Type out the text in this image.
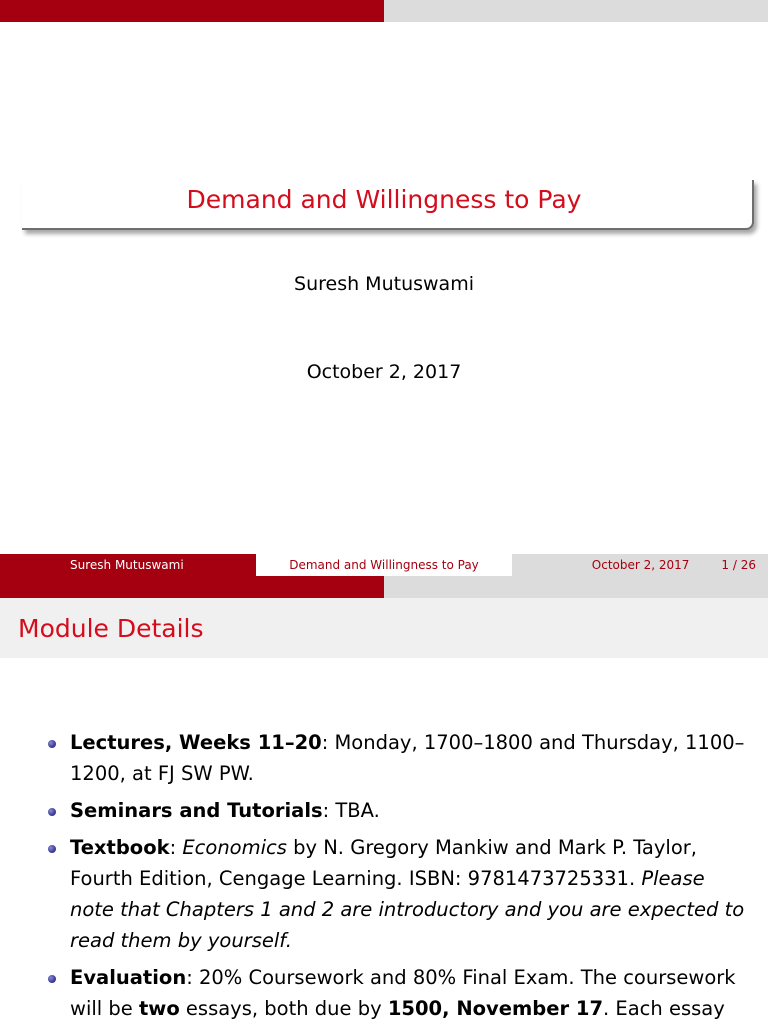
Demand and Willingness to Pay
Suresh Mutuswami
October 2, 2017
Suresh Mutuswami	Demand and Willingness to Pay	October 2, 2017	1 / 26
Module Details
Lectures, Weeks 11–20: Monday, 1700–1800 and Thursday, 1100–1200, at FJ SW PW.
Seminars and Tutorials: TBA.
Textbook: Economics by N. Gregory Mankiw and Mark P. Taylor, Fourth Edition, Cengage Learning. ISBN: 9781473725331. Please note that Chapters 1 and 2 are introductory and you are expected to read them by yourself.
Evaluation: 20% Coursework and 80% Final Exam. The coursework will be two essays, both due by 1500, November 17. Each essay
